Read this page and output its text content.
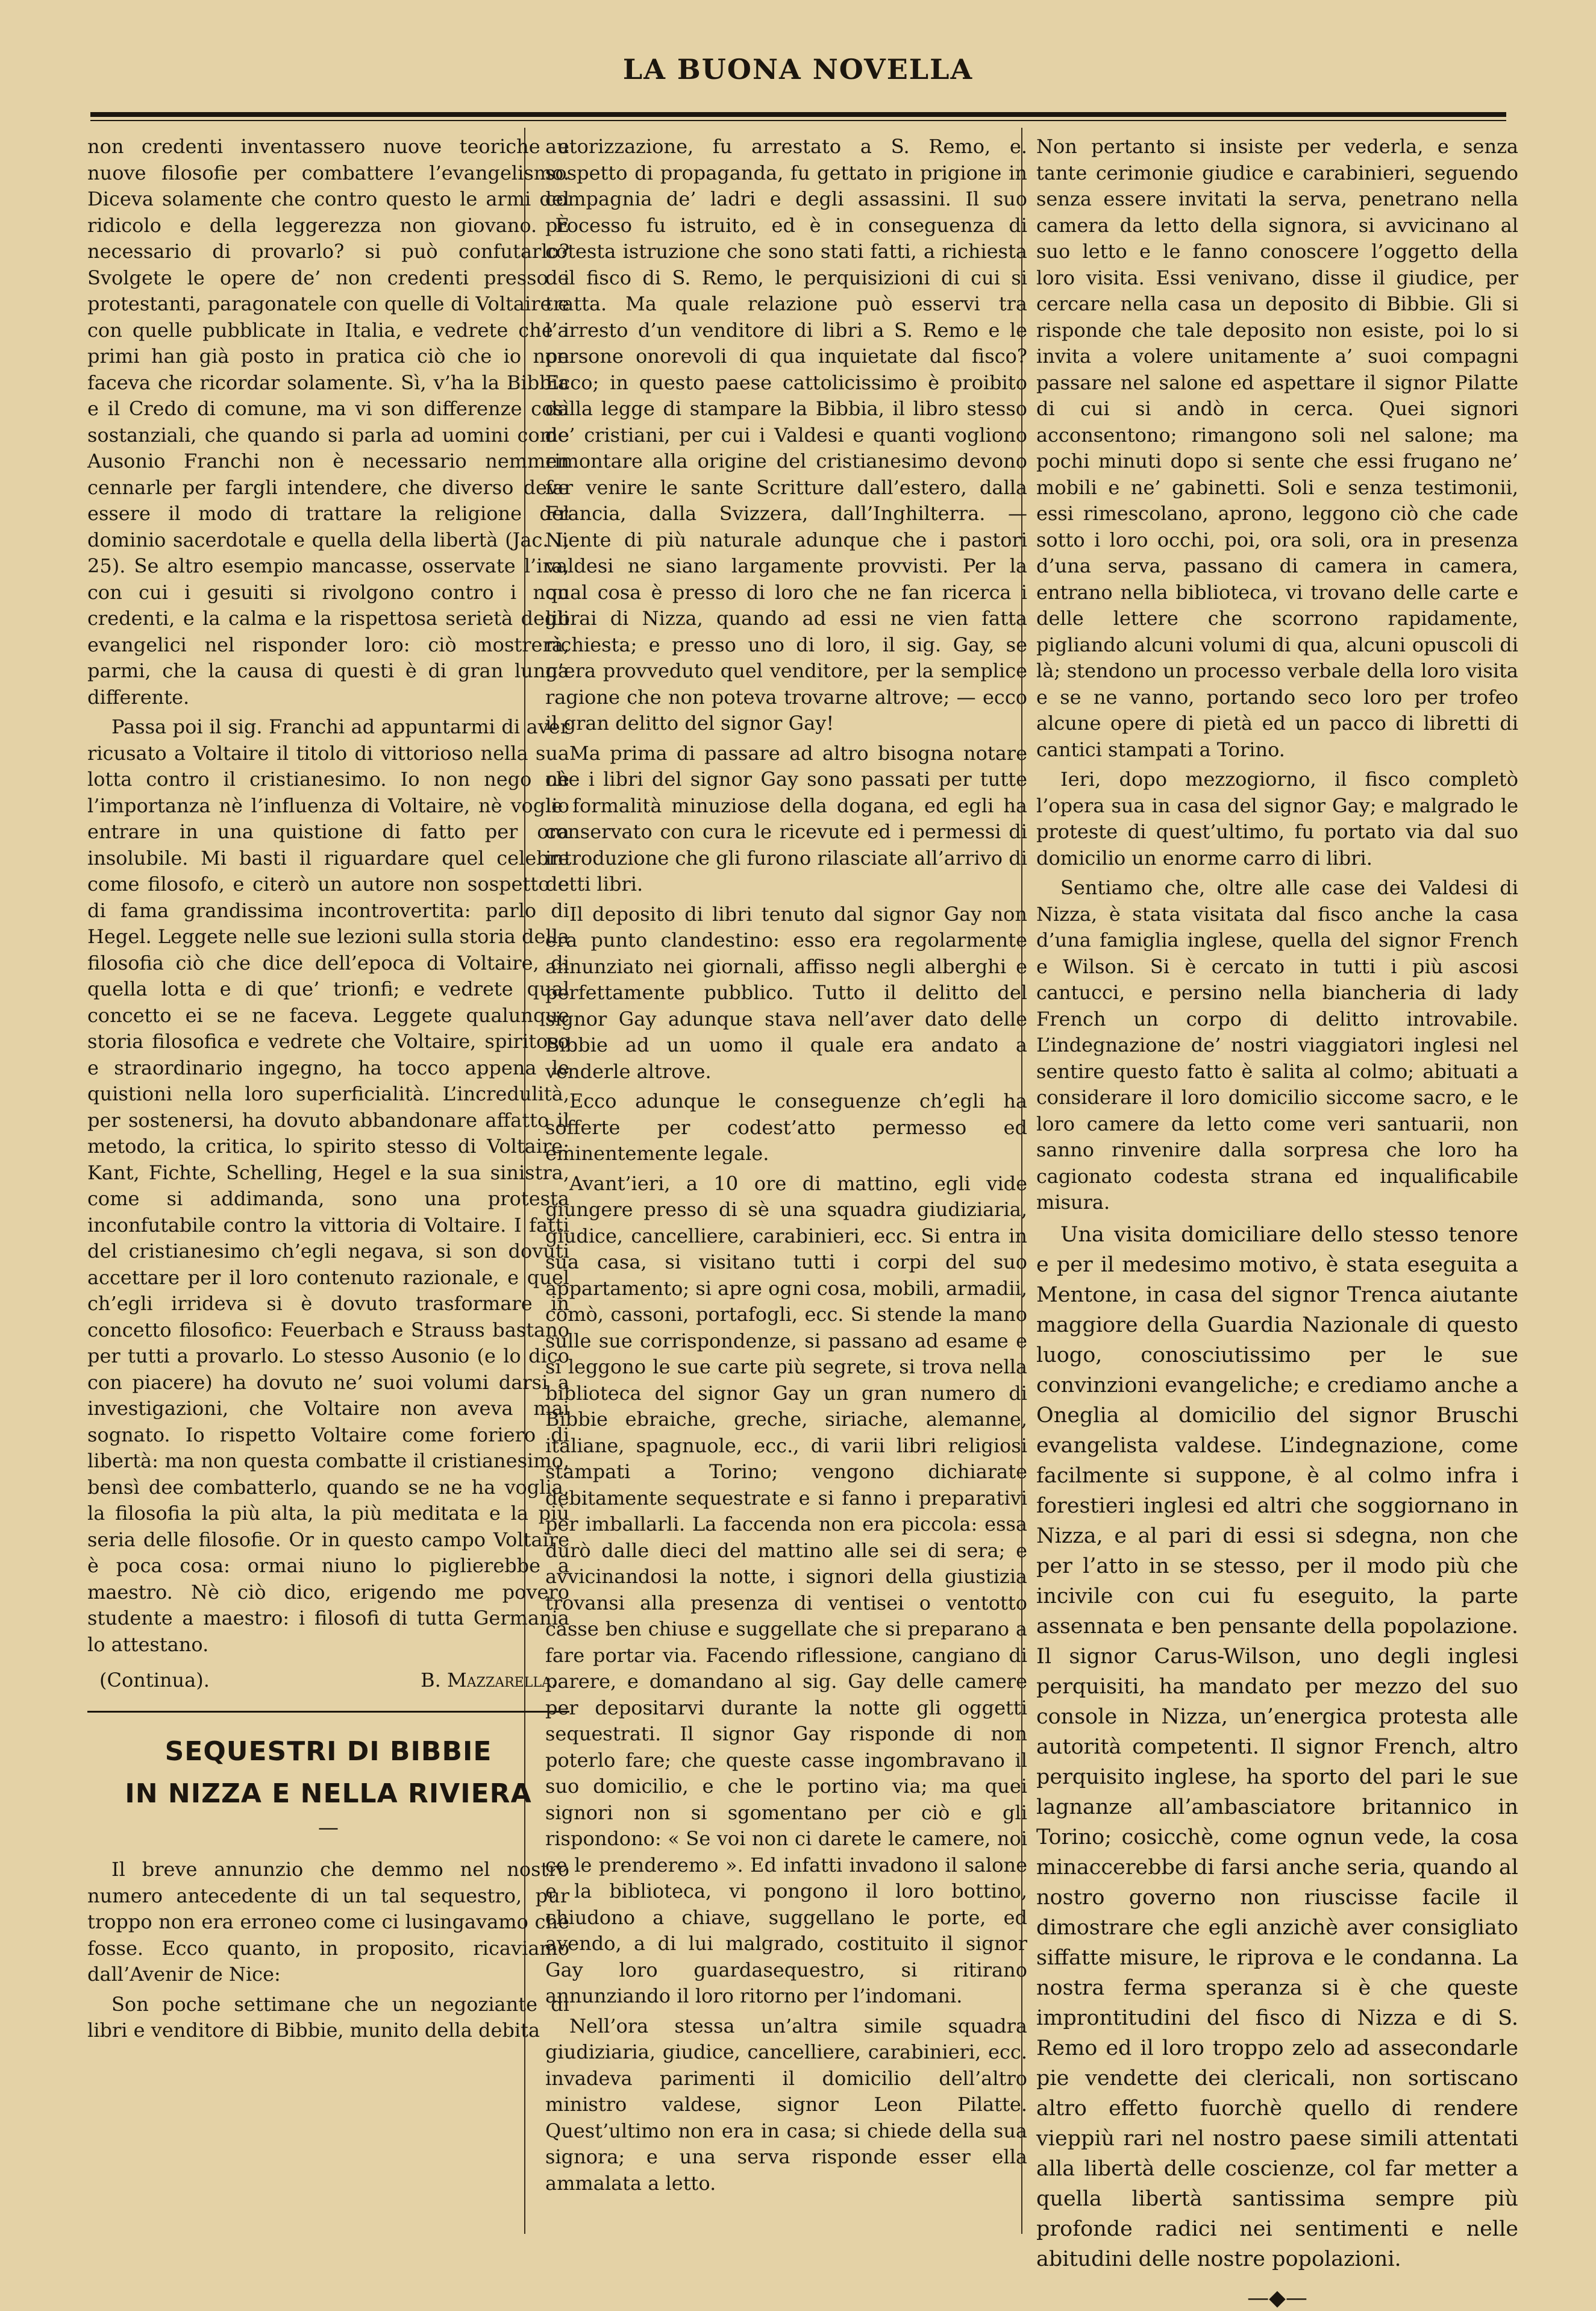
LA BUONA NOVELLA

non credenti inventassero nuove teoriche e nuove filosofie per combattere l’evangelismo. Diceva solamente che contro questo le armi del ridicolo e della leggerezza non giovano. È necessario di provarlo? si può confutarlo? Svolgete le opere de’ non credenti presso i protestanti, paragonatele con quelle di Voltaire e con quelle pubblicate in Italia, e vedrete che i primi han già posto in pratica ciò che io non faceva che ricordar solamente. Sì, v’ha la Bibbia e il Credo di comune, ma vi son differenze così sostanziali, che quando si parla ad uomini come Ausonio Franchi non è necessario nemmen cennarle per fargli intendere, che diverso deve essere il modo di trattare la religione del dominio sacerdotale e quella della libertà (Jac. I, 25). Se altro esempio mancasse, osservate l’ira, con cui i gesuiti si rivolgono contro i non credenti, e la calma e la rispettosa serietà degli evangelici nel risponder loro: ciò mostrerà, parmi, che la causa di questi è di gran lunga differente.

Passa poi il sig. Franchi ad appuntarmi di aver ricusato a Voltaire il titolo di vittorioso nella sua lotta contro il cristianesimo. Io non nego nè l’importanza nè l’influenza di Voltaire, nè voglio entrare in una quistione di fatto per ora insolubile. Mi basti il riguardare quel celebre come filosofo, e citerò un autore non sospetto e di fama grandissima incontrovertita: parlo di Hegel. Leggete nelle sue lezioni sulla storia della filosofia ciò che dice dell’epoca di Voltaire, di quella lotta e di que’ trionfi; e vedrete qual concetto ei se ne faceva. Leggete qualunque storia filosofica e vedrete che Voltaire, spiritoso e straordinario ingegno, ha tocco appena le quistioni nella loro superficialità. L’incredulità, per sostenersi, ha dovuto abbandonare affatto il metodo, la critica, lo spirito stesso di Voltaire: Kant, Fichte, Schelling, Hegel e la sua sinistra, come si addimanda, sono una protesta inconfutabile contro la vittoria di Voltaire. I fatti del cristianesimo ch’egli negava, si son dovuti accettare per il loro contenuto razionale, e quel ch’egli irrideva si è dovuto trasformare in concetto filosofico: Feuerbach e Strauss bastano per tutti a provarlo. Lo stesso Ausonio (e lo dico con piacere) ha dovuto ne’ suoi volumi darsi a investigazioni, che Voltaire non aveva mai sognato. Io rispetto Voltaire come foriero di libertà: ma non questa combatte il cristianesimo, bensì dee combatterlo, quando se ne ha voglia, la filosofia la più alta, la più meditata e la più seria delle filosofie. Or in questo campo Voltaire è poca cosa: ormai niuno lo piglierebbe a maestro. Nè ciò dico, erigendo me povero studente a maestro: i filosofi di tutta Germania lo attestano.

(Continua).	B. Mazzarella.
SEQUESTRI DI BIBBIE
IN NIZZA E NELLA RIVIERA
—

Il breve annunzio che demmo nel nostro numero antecedente di un tal sequestro, pur troppo non era erroneo come ci lusingavamo che fosse. Ecco quanto, in proposito, ricaviamo dall’Avenir de Nice:

Son poche settimane che un negoziante di libri e venditore di Bibbie, munito della debita

autorizzazione, fu arrestato a S. Remo, e. sospetto di propaganda, fu gettato in prigione in compagnia de’ ladri e degli assassini. Il suo processo fu istruito, ed è in conseguenza di cotesta istruzione che sono stati fatti, a richiesta del fisco di S. Remo, le perquisizioni di cui si tratta. Ma quale relazione può esservi tra l’arresto d’un venditore di libri a S. Remo e le persone onorevoli di qua inquietate dal fisco? Ecco; in questo paese cattolicissimo è proibito dalla legge di stampare la Bibbia, il libro stesso de’ cristiani, per cui i Valdesi e quanti vogliono rimontare alla origine del cristianesimo devono far venire le sante Scritture dall’estero, dalla Francia, dalla Svizzera, dall’Inghilterra. — Niente di più naturale adunque che i pastori valdesi ne siano largamente provvisti. Per la qual cosa è presso di loro che ne fan ricerca i librai di Nizza, quando ad essi ne vien fatta richiesta; e presso uno di loro, il sig. Gay, se n’era provveduto quel venditore, per la semplice ragione che non poteva trovarne altrove; — ecco il gran delitto del signor Gay!

Ma prima di passare ad altro bisogna notare che i libri del signor Gay sono passati per tutte le formalità minuziose della dogana, ed egli ha conservato con cura le ricevute ed i permessi di introduzione che gli furono rilasciate all’arrivo di detti libri.

Il deposito di libri tenuto dal signor Gay non era punto clandestino: esso era regolarmente annunziato nei giornali, affisso negli alberghi e perfettamente pubblico. Tutto il delitto del signor Gay adunque stava nell’aver dato delle Bibbie ad un uomo il quale era andato a venderle altrove.

Ecco adunque le conseguenze ch’egli ha sofferte per codest’atto permesso ed eminentemente legale.

Avant’ieri, a 10 ore di mattino, egli vide giungere presso di sè una squadra giudiziaria, giudice, cancelliere, carabinieri, ecc. Si entra in sua casa, si visitano tutti i corpi del suo appartamento; si apre ogni cosa, mobili, armadii, comò, cassoni, portafogli, ecc. Si stende la mano sulle sue corrispondenze, si passano ad esame e si leggono le sue carte più segrete, si trova nella biblioteca del signor Gay un gran numero di Bibbie ebraiche, greche, siriache, alemanne, italiane, spagnuole, ecc., di varii libri religiosi stampati a Torino; vengono dichiarate debitamente sequestrate e si fanno i preparativi per imballarli. La faccenda non era piccola: essa durò dalle dieci del mattino alle sei di sera; e avvicinandosi la notte, i signori della giustizia trovansi alla presenza di ventisei o ventotto casse ben chiuse e suggellate che si preparano a fare portar via. Facendo riflessione, cangiano di parere, e domandano al sig. Gay delle camere per depositarvi durante la notte gli oggetti sequestrati. Il signor Gay risponde di non poterlo fare; che queste casse ingombravano il suo domicilio, e che le portino via; ma quei signori non si sgomentano per ciò e gli rispondono: « Se voi non ci darete le camere, noi ce le prenderemo ». Ed infatti invadono il salone e la biblioteca, vi pongono il loro bottino, chiudono a chiave, suggellano le porte, ed avendo, a di lui malgrado, costituito il signor Gay loro guardasequestro, si ritirano annunziando il loro ritorno per l’indomani.

Nell’ora stessa un’altra simile squadra giudiziaria, giudice, cancelliere, carabinieri, ecc. invadeva parimenti il domicilio dell’altro ministro valdese, signor Leon Pilatte. Quest’ultimo non era in casa; si chiede della sua signora; e una serva risponde esser ella ammalata a letto.

Non pertanto si insiste per vederla, e senza tante cerimonie giudice e carabinieri, seguendo senza essere invitati la serva, penetrano nella camera da letto della signora, si avvicinano al suo letto e le fanno conoscere l’oggetto della loro visita. Essi venivano, disse il giudice, per cercare nella casa un deposito di Bibbie. Gli si risponde che tale deposito non esiste, poi lo si invita a volere unitamente a’ suoi compagni passare nel salone ed aspettare il signor Pilatte di cui si andò in cerca. Quei signori acconsentono; rimangono soli nel salone; ma pochi minuti dopo si sente che essi frugano ne’ mobili e ne’ gabinetti. Soli e senza testimonii, essi rimescolano, aprono, leggono ciò che cade sotto i loro occhi, poi, ora soli, ora in presenza d’una serva, passano di camera in camera, entrano nella biblioteca, vi trovano delle carte e delle lettere che scorrono rapidamente, pigliando alcuni volumi di qua, alcuni opuscoli di là; stendono un processo verbale della loro visita e se ne vanno, portando seco loro per trofeo alcune opere di pietà ed un pacco di libretti di cantici stampati a Torino.

Ieri, dopo mezzogiorno, il fisco completò l’opera sua in casa del signor Gay; e malgrado le proteste di quest’ultimo, fu portato via dal suo domicilio un enorme carro di libri.

Sentiamo che, oltre alle case dei Valdesi di Nizza, è stata visitata dal fisco anche la casa d’una famiglia inglese, quella del signor French e Wilson. Si è cercato in tutti i più ascosi cantucci, e persino nella biancheria di lady French un corpo di delitto introvabile. L’indegnazione de’ nostri viaggiatori inglesi nel sentire questo fatto è salita al colmo; abituati a considerare il loro domicilio siccome sacro, e le loro camere da letto come veri santuarii, non sanno rinvenire dalla sorpresa che loro ha cagionato codesta strana ed inqualificabile misura.

Una visita domiciliare dello stesso tenore e per il medesimo motivo, è stata eseguita a Mentone, in casa del signor Trenca aiutante maggiore della Guardia Nazionale di questo luogo, conosciutissimo per le sue convinzioni evangeliche; e crediamo anche a Oneglia al domicilio del signor Bruschi evangelista valdese. L’indegnazione, come facilmente si suppone, è al colmo infra i forestieri inglesi ed altri che soggiornano in Nizza, e al pari di essi si sdegna, non che per l’atto in se stesso, per il modo più che incivile con cui fu eseguito, la parte assennata e ben pensante della popolazione. Il signor Carus-Wilson, uno degli inglesi perquisiti, ha mandato per mezzo del suo console in Nizza, un’energica protesta alle autorità competenti. Il signor French, altro perquisito inglese, ha sporto del pari le sue lagnanze all’ambasciatore britannico in Torino; cosicchè, come ognun vede, la cosa minaccerebbe di farsi anche seria, quando al nostro governo non riuscisse facile il dimostrare che egli anzichè aver consigliato siffatte misure, le riprova e le condanna. La nostra ferma speranza si è che queste improntitudini del fisco di Nizza e di S. Remo ed il loro troppo zelo ad assecondarle pie vendette dei clericali, non sortiscano altro effetto fuorchè quello di rendere vieppiù rari nel nostro paese simili attentati alla libertà delle coscienze, col far metter a quella libertà santissima sempre più profonde radici nei sentimenti e nelle abitudini delle nostre popolazioni.

—◆—
